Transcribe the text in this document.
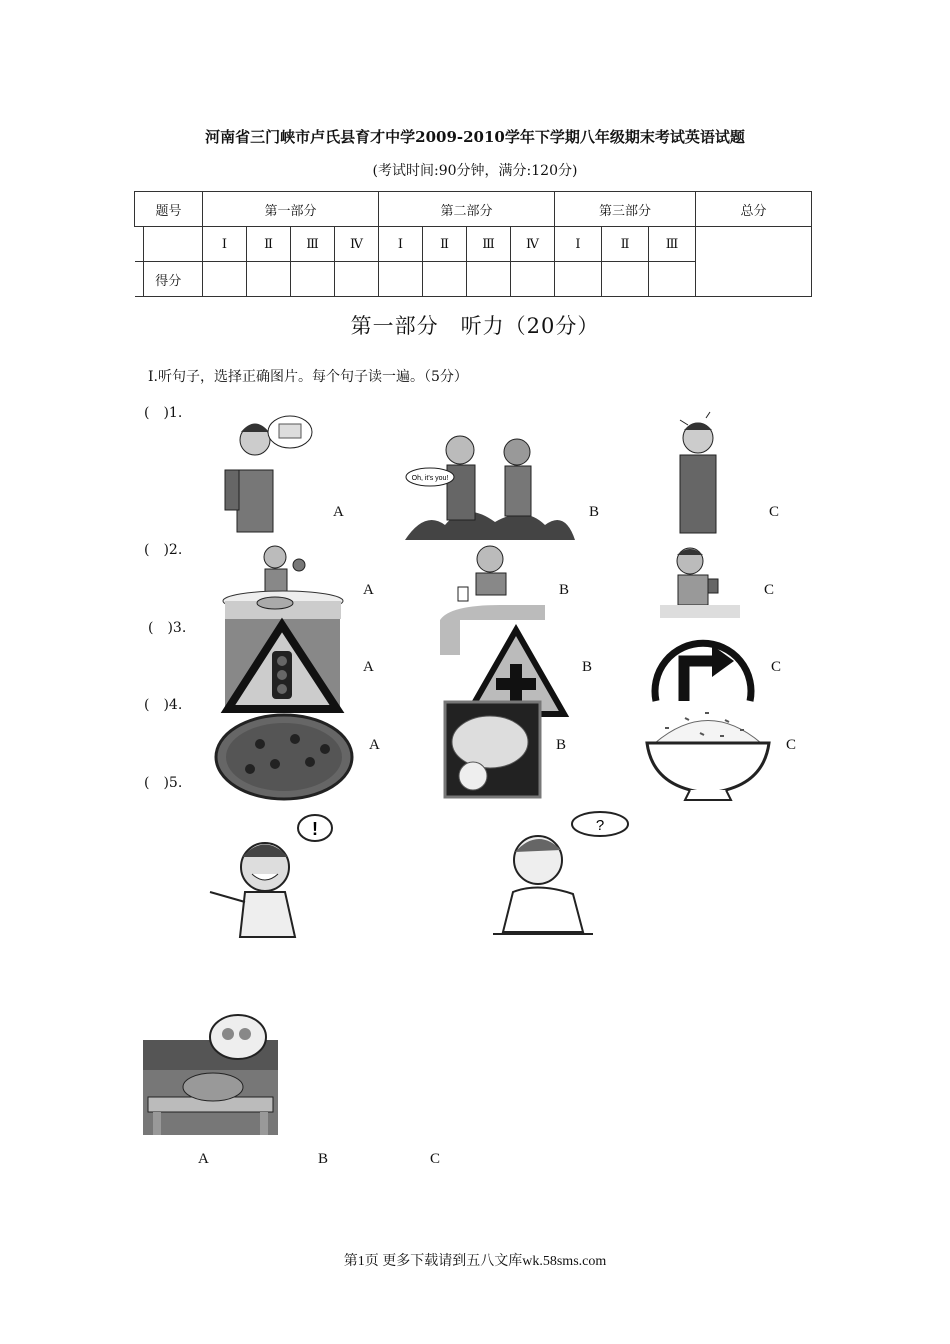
河南省三门峡市卢氏县育才中学2009-2010学年下学期八年级期末考试英语试题
(考试时间:90分钟，满分:120分)
题号	第一部分				第二部分				第三部分			总分

	Ⅰ	Ⅱ	Ⅲ	Ⅳ	Ⅰ	Ⅱ	Ⅲ	Ⅳ	Ⅰ	Ⅱ	Ⅲ	

得分												
第一部分　听力（20分）
Ⅰ.听句子，选择正确图片。每个句子读一遍。（5分）
(　)1.
A
Oh, it's you!
B	C
(　)2.
A	B	C
(　)3.
A	B	C
(　)4.
A	B	C
(　)5.
!	?
A	B	C
第1页 更多下载请到五八文库wk.58sms.com
